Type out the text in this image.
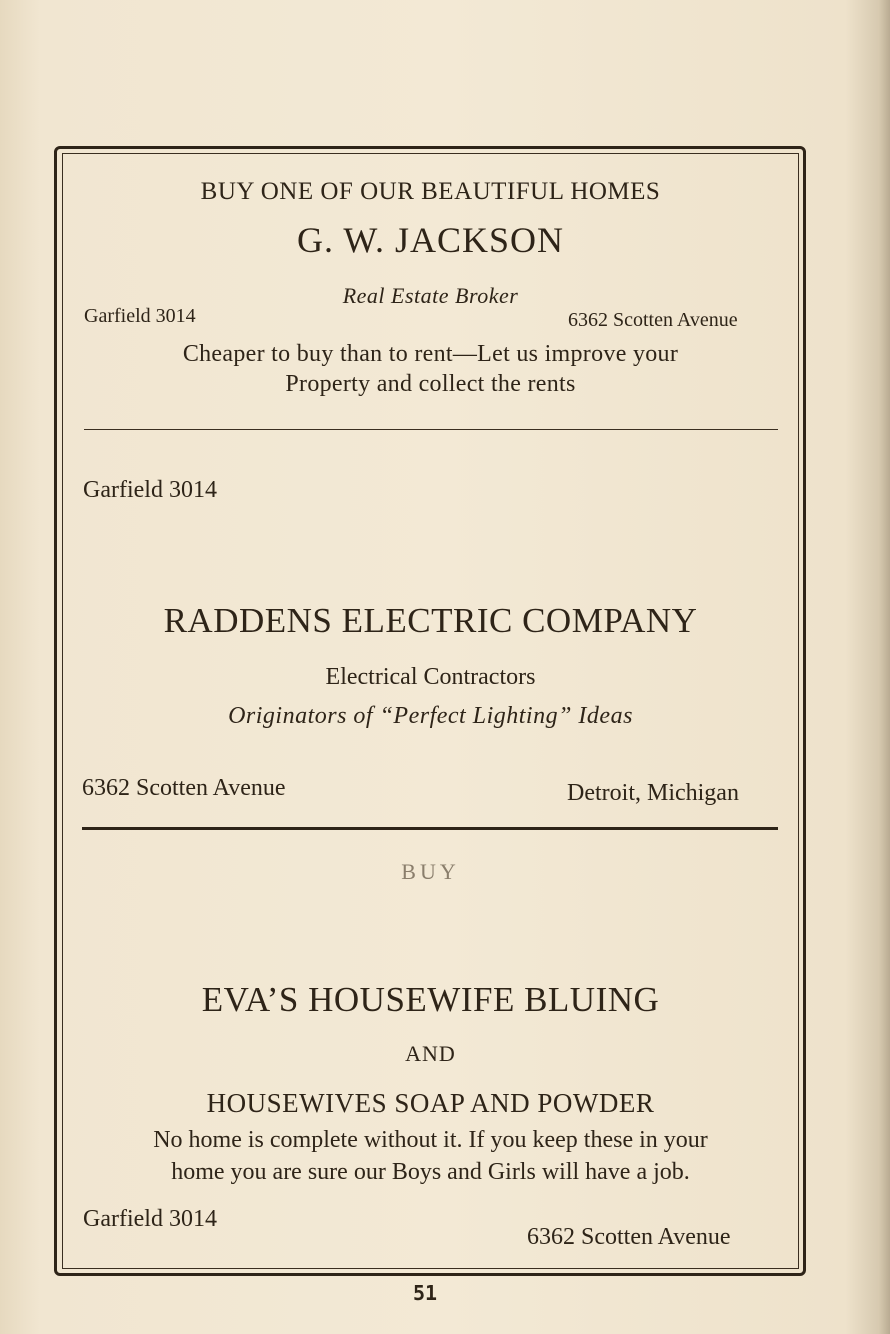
BUY ONE OF OUR BEAUTIFUL HOMES
G. W. JACKSON
Real Estate Broker
Garfield 3014	6362 Scotten Avenue
Cheaper to buy than to rent—Let us improve your
Property and collect the rents
Garfield 3014
RADDENS ELECTRIC COMPANY
Electrical Contractors
Originators of “Perfect Lighting” Ideas
6362 Scotten Avenue	Detroit, Michigan
BUY
EVA’S HOUSEWIFE BLUING
AND
HOUSEWIVES SOAP AND POWDER
No home is complete without it. If you keep these in your
home you are sure our Boys and Girls will have a job.
Garfield 3014
6362 Scotten Avenue
51
